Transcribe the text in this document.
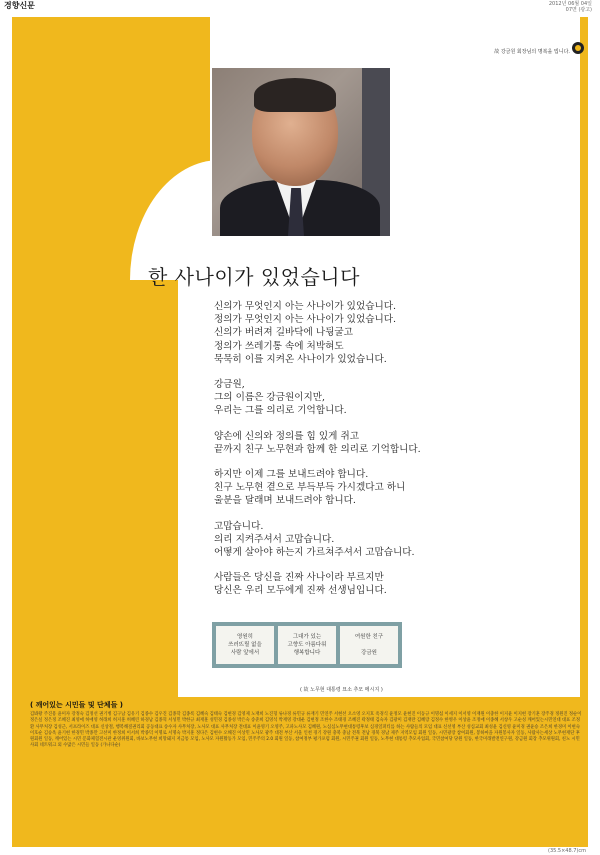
경향신문	2012년 06월 04일
07면 (광고)
故 강금원 회장님의 명복을 빕니다.
한 사나이가 있었습니다

신의가 무엇인지 아는 사나이가 있었습니다.
정의가 무엇인지 아는 사나이가 있었습니다.
신의가 버려져 길바닥에 나뒹굴고
정의가 쓰레기통 속에 처박혀도
묵묵히 이를 지켜온 사나이가 있었습니다.

강금원,
그의 이름은 강금원이지만,
우리는 그를 의리로 기억합니다.

양손에 신의와 정의를 힘 있게 쥐고
끝까지 친구 노무현과 함께 한 의리로 기억합니다.

하지만 이제 그를 보내드려야 합니다.
친구 노무현 곁으로 부득부득 가시겠다고 하니
울분을 달래며 보내드려야 합니다.

고맙습니다.
의리 지켜주셔서 고맙습니다.
어떻게 살아야 하는지 가르쳐주셔서 고맙습니다.

사람들은 당신을 진짜 사나이라 부르지만
당신은 우리 모두에게 진짜 선생님입니다.

영원히
쓰러뜨릴 없을
사람 앞에서
그대가 있는
고향도 아름다워
행복합니다
여원한 친구

강금원
( 故 노무현 대통령 묘소 추모 메시지 )
( 깨어있는 시민들 및 단체들 )
김봐왕 주진용 윤미자 강정숙 김정선 권기병 김구남 김유기 김종수 김우진 김종학 김종록 김혜숙 김태숙 김현경 김영제 노재희 노진형 류나경 류민규 류재기 민연주 서현선 오소영 오지호 옥경식 윤정모 윤현진 이동규 이명섭 이세지 이서영 이재원 이충한 이지윤 이지현 장기훈 장주경 정원진 정순이 정은실 정은정 조혜진 최영애 허애영 허래희 허지훈 허혜린 하경남 김종혁 서성민 박한규 최재훈 성민경 김종성 박은숙 송준희 김영석 박재영 강대운 김현정 조한수 조태경 조혜진 곽정태 김숙자 김광미 김재란 김혜랑 김정수 한병우 이상윤 조정애 이종혜 서창우 고순성 깨어있는시민연대 대표 조정환 사무처장 김성근, 서프라이즈 대표 신상철, 행복해질권리회 공동대표 송수자 사무처장, 노사모 대표 사무처장 전대표 이윤영기 오영주, 고파노사모 김혜원, 노심심노무현대통령후보 심경일퍼티를 하는 사람들의 모임 대표 신선영 부산 성심교회 최성윤 김신영 윤미경 권윤승 조은희 한경미 이현숙 이호순 김승옥 윤기현 한경민 박종만 고선미 한정희 이서희 박종덕 이명로 서명숙 박지훈 정다은 김현수 오해진 이상민 노사모 광주 대전 부산 서울 인천 경기 강원 충북 충남 전북 전남 경북 경남 제주 지역모임 회원 일동, 시민광장 참여회원, 봉하마을 자원봉사자 일동, 사람사는세상 노무현재단 후원회원 일동, 깨어있는 시민 문화체험전시관 운영위원회, 바보노무현 희망돼지 저금통 모임, 노사모 자원활동가 모임, 민주주의 2.0 회원 일동, 참여정부 평가포럼 회원, 시민주권 회원 일동, 노무현 대통령 추모사업회, 국민참여당 당원 일동, 한국미래발전연구원, 강금원 회장 추모위원회, 친노 시민사회 네트워크 외 수많은 시민들 일동 (가나다순)
(35.5×48.7)cm
